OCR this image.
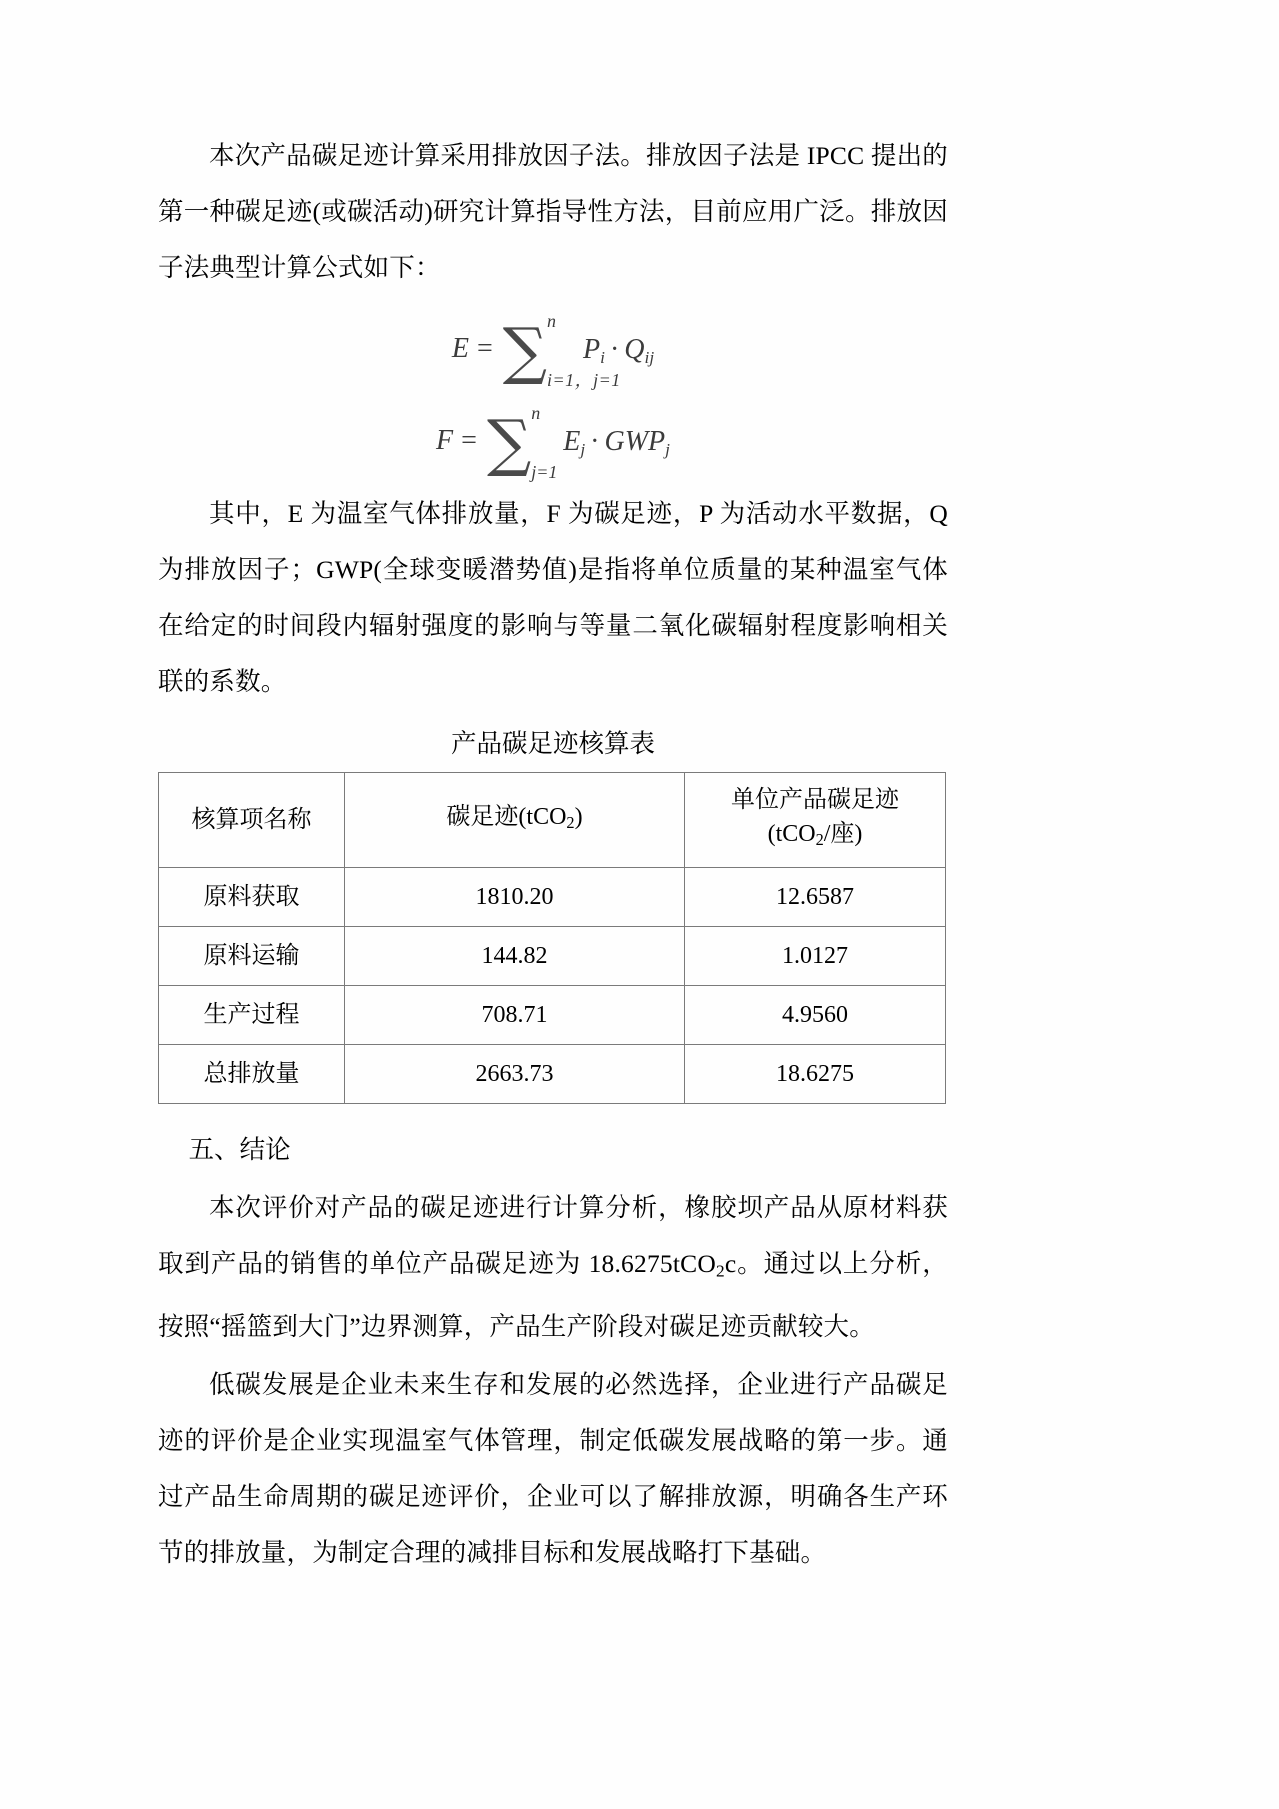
本次产品碳足迹计算采用排放因子法。排放因子法是 IPCC 提出的 第一种碳足迹(或碳活动)研究计算指导性方法，目前应用广泛。排放因子法典型计算公式如下：

E = ∑ n
i=1，j=1
$P_i \cdot Q_{ij}$
F = ∑ n
j=1
$E_j \cdot GWP_j$

其中，E 为温室气体排放量，F 为碳足迹，P 为活动水平数据，Q 为排放因子；GWP(全球变暖潜势值)是指将单位质量的某种温室气体在给定的时间段内辐射强度的影响与等量二氧化碳辐射程度影响相关联的系数。

产品碳足迹核算表
核算项名称	碳足迹(tCO$_2$)	单位产品碳足迹
(tCO$_2$/座)
原料获取	1810.20	12.6587
原料运输	144.82	1.0127
生产过程	708.71	4.9560
总排放量	2663.73	18.6275
五、结论

本次评价对产品的碳足迹进行计算分析，橡胶坝产品从原材料获取到产品的销售的单位产品碳足迹为 18.6275tCO$_2$c。通过以上分析，按照“摇篮到大门”边界测算，产品生产阶段对碳足迹贡献较大。

低碳发展是企业未来生存和发展的必然选择，企业进行产品碳足迹的评价是企业实现温室气体管理，制定低碳发展战略的第一步。通过产品生命周期的碳足迹评价，企业可以了解排放源，明确各生产环节的排放量，为制定合理的减排目标和发展战略打下基础。
